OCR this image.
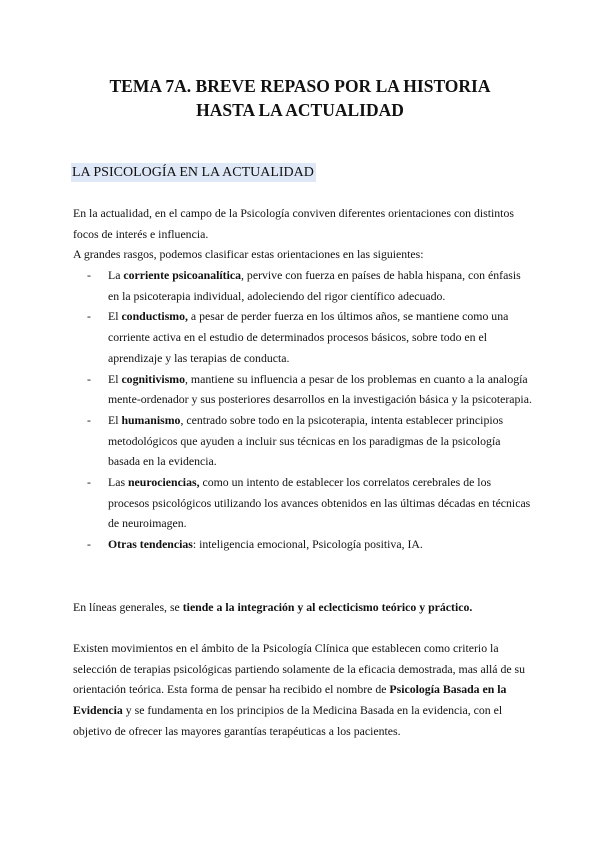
TEMA 7A. BREVE REPASO POR LA HISTORIA
HASTA LA ACTUALIDAD
LA PSICOLOGÍA EN LA ACTUALIDAD

En la actualidad, en el campo de la Psicología conviven diferentes orientaciones con distintos focos de interés e influencia.

A grandes rasgos, podemos clasificar estas orientaciones en las siguientes:

- La corriente psicoanalítica, pervive con fuerza en países de habla hispana, con énfasis en la psicoterapia individual, adoleciendo del rigor científico adecuado.
- El conductismo, a pesar de perder fuerza en los últimos años, se mantiene como una corriente activa en el estudio de determinados procesos básicos, sobre todo en el aprendizaje y las terapias de conducta.
- El cognitivismo, mantiene su influencia a pesar de los problemas en cuanto a la analogía mente-ordenador y sus posteriores desarrollos en la investigación básica y la psicoterapia.
- El humanismo, centrado sobre todo en la psicoterapia, intenta establecer principios metodológicos que ayuden a incluir sus técnicas en los paradigmas de la psicología basada en la evidencia.
- Las neurociencias, como un intento de establecer los correlatos cerebrales de los procesos psicológicos utilizando los avances obtenidos en las últimas décadas en técnicas de neuroimagen.
- Otras tendencias: inteligencia emocional, Psicología positiva, IA.

En líneas generales, se tiende a la integración y al eclecticismo teórico y práctico.

Existen movimientos en el ámbito de la Psicología Clínica que establecen como criterio la selección de terapias psicológicas partiendo solamente de la eficacia demostrada, mas allá de su orientación teórica. Esta forma de pensar ha recibido el nombre de Psicología Basada en la Evidencia y se fundamenta en los principios de la Medicina Basada en la evidencia, con el objetivo de ofrecer las mayores garantías terapéuticas a los pacientes.
